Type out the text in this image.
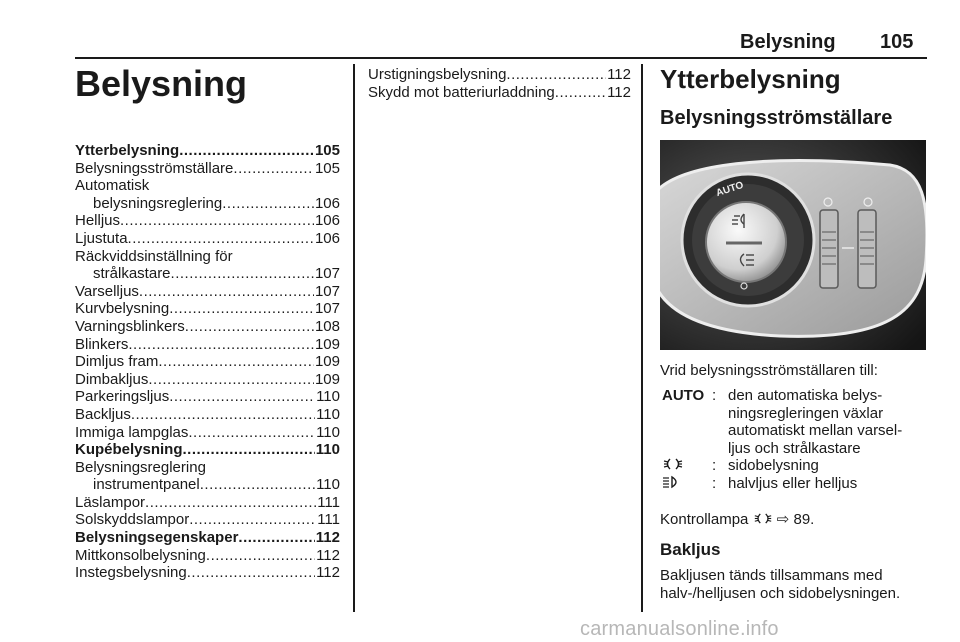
Belysning 105
Belysning
Ytterbelysning .....	105
Belysningsströmställare .....	105
Automatisk
belysningsreglering .....	106
Helljus .....	106
Ljustuta .....	106
Räckviddsinställning för
strålkastare .....	107
Varselljus .....	107
Kurvbelysning .....	107
Varningsblinkers .....	108
Blinkers .....	109
Dimljus fram .....	109
Dimbakljus .....	109
Parkeringsljus .....	110
Backljus .....	110
Immiga lampglas .....	110
Kupébelysning .....	110
Belysningsreglering
instrumentpanel .....	110
Läslampor .....	111
Solskyddslampor .....	111
Belysningsegenskaper .....	112
Mittkonsolbelysning .....	112
Instegsbelysning .....	112
Urstigningsbelysning .....	112
Skydd mot batteriurladdning .....	112 Ytterbelysning
Belysningsströmställare
AUTO

Vrid belysningsströmställaren till:

AUTO : den automatiska belys-
ningsregleringen växlar
automatiskt mellan varsel-
ljus och strålkastare
: sidobelysning
: halvljus eller helljus

Kontrollampa ⇨ 89.

Bakljus

Bakljusen tänds tillsammans med
halv-/helljusen och sidobelysningen.

carmanualsonline.info
